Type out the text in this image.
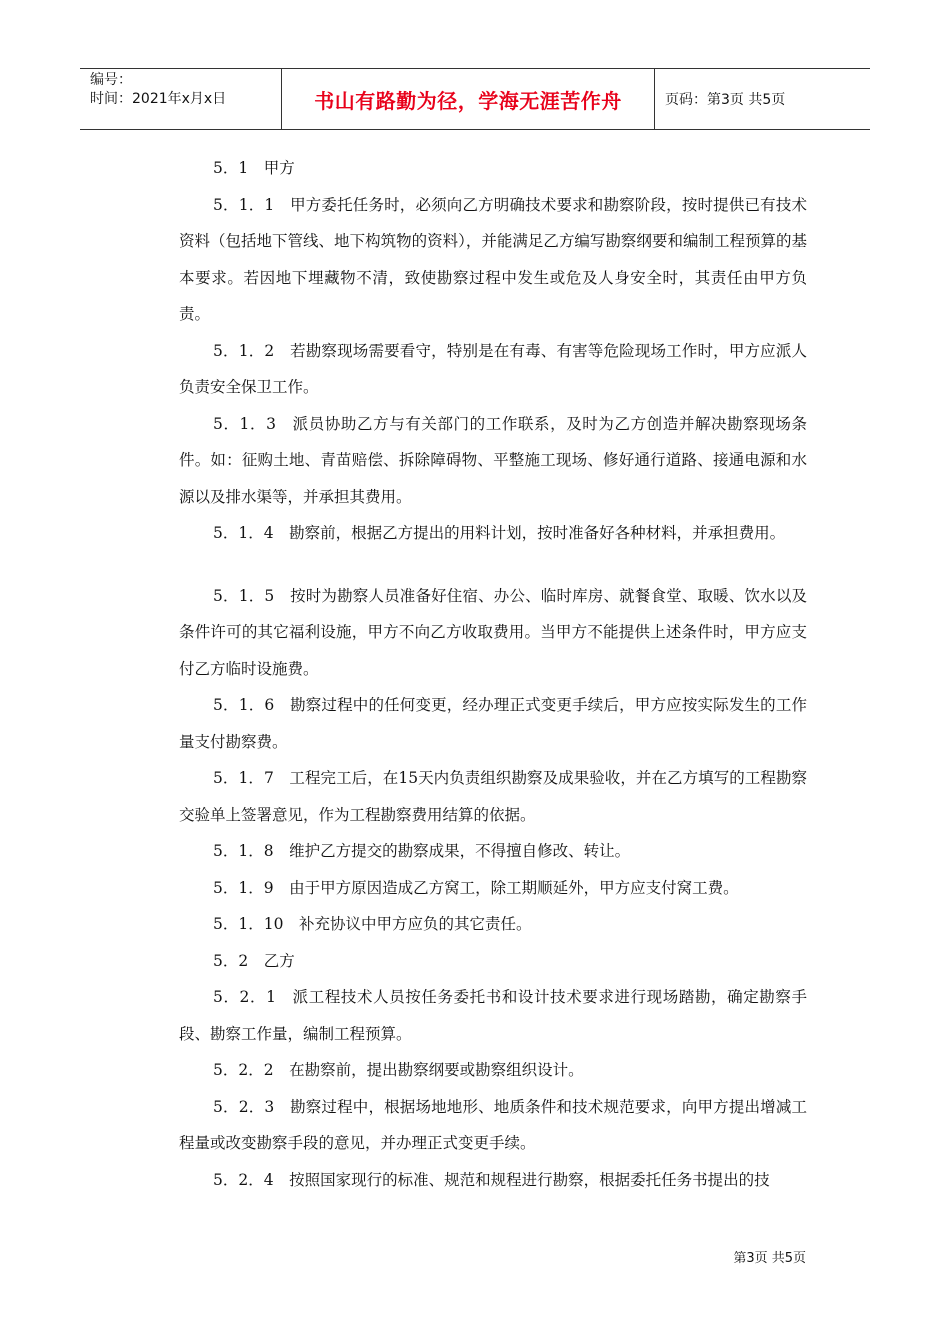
编号：
时间：2021年x月x日	书山有路勤为径，学海无涯苦作舟	页码：第3页 共5页

5．1　甲方

5．1．1　甲方委托任务时，必须向乙方明确技术要求和勘察阶段，按时提供已有技术资料（包括地下管线、地下构筑物的资料），并能满足乙方编写勘察纲要和编制工程预算的基本要求。若因地下埋藏物不清，致使勘察过程中发生或危及人身安全时，其责任由甲方负责。

5．1．2　若勘察现场需要看守，特别是在有毒、有害等危险现场工作时，甲方应派人负责安全保卫工作。

5．1．3　派员协助乙方与有关部门的工作联系，及时为乙方创造并解决勘察现场条件。如：征购土地、青苗赔偿、拆除障碍物、平整施工现场、修好通行道路、接通电源和水源以及排水渠等，并承担其费用。

5．1．4　勘察前，根据乙方提出的用料计划，按时准备好各种材料，并承担费用。

5．1．5　按时为勘察人员准备好住宿、办公、临时库房、就餐食堂、取暖、饮水以及条件许可的其它福利设施，甲方不向乙方收取费用。当甲方不能提供上述条件时，甲方应支付乙方临时设施费。

5．1．6　勘察过程中的任何变更，经办理正式变更手续后，甲方应按实际发生的工作量支付勘察费。

5．1．7　工程完工后，在15天内负责组织勘察及成果验收，并在乙方填写的工程勘察交验单上签署意见，作为工程勘察费用结算的依据。

5．1．8　维护乙方提交的勘察成果，不得擅自修改、转让。

5．1．9　由于甲方原因造成乙方窝工，除工期顺延外，甲方应支付窝工费。

5．1．10　补充协议中甲方应负的其它责任。

5．2　乙方

5．2．1　派工程技术人员按任务委托书和设计技术要求进行现场踏勘，确定勘察手段、勘察工作量，编制工程预算。

5．2．2　在勘察前，提出勘察纲要或勘察组织设计。

5．2．3　勘察过程中，根据场地地形、地质条件和技术规范要求，向甲方提出增减工程量或改变勘察手段的意见，并办理正式变更手续。

5．2．4　按照国家现行的标准、规范和规程进行勘察，根据委托任务书提出的技

第3页 共5页
